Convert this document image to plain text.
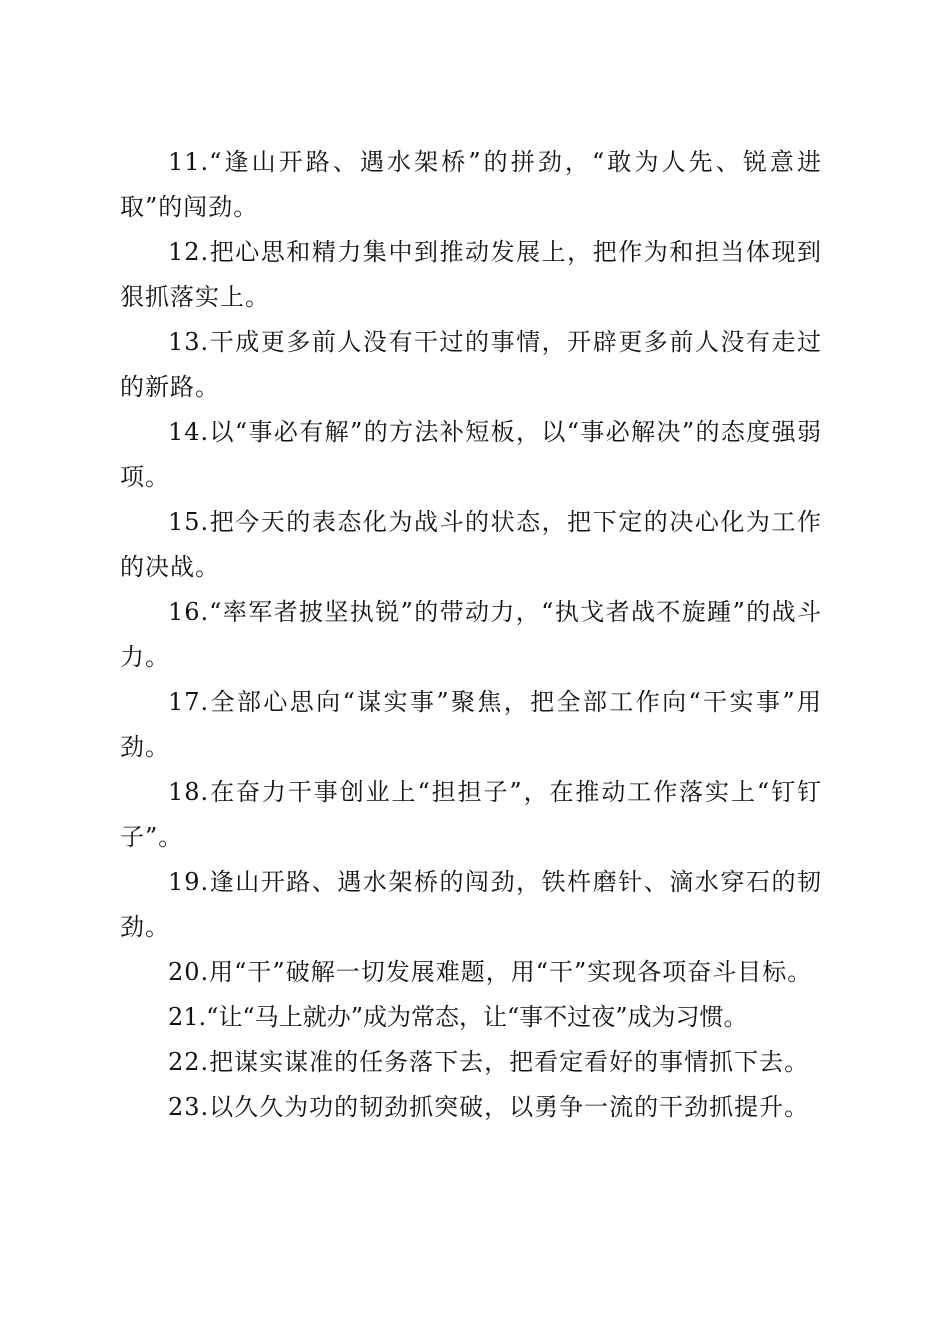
11.“逢山开路、遇水架桥”的拼劲，“敢为人先、锐意进取”的闯劲。

12.把心思和精力集中到推动发展上，把作为和担当体现到狠抓落实上。

13.干成更多前人没有干过的事情，开辟更多前人没有走过的新路。

14.以“事必有解”的方法补短板，以“事必解决”的态度强弱项。

15.把今天的表态化为战斗的状态，把下定的决心化为工作的决战。

16.“率军者披坚执锐”的带动力，“执戈者战不旋踵”的战斗力。

17.全部心思向“谋实事”聚焦，把全部工作向“干实事”用劲。

18.在奋力干事创业上“担担子”，在推动工作落实上“钉钉子”。

19.逢山开路、遇水架桥的闯劲，铁杵磨针、滴水穿石的韧劲。

20.用“干”破解一切发展难题，用“干”实现各项奋斗目标。

21.“让“马上就办”成为常态，让“事不过夜”成为习惯。

22.把谋实谋准的任务落下去，把看定看好的事情抓下去。

23.以久久为功的韧劲抓突破，以勇争一流的干劲抓提升。
